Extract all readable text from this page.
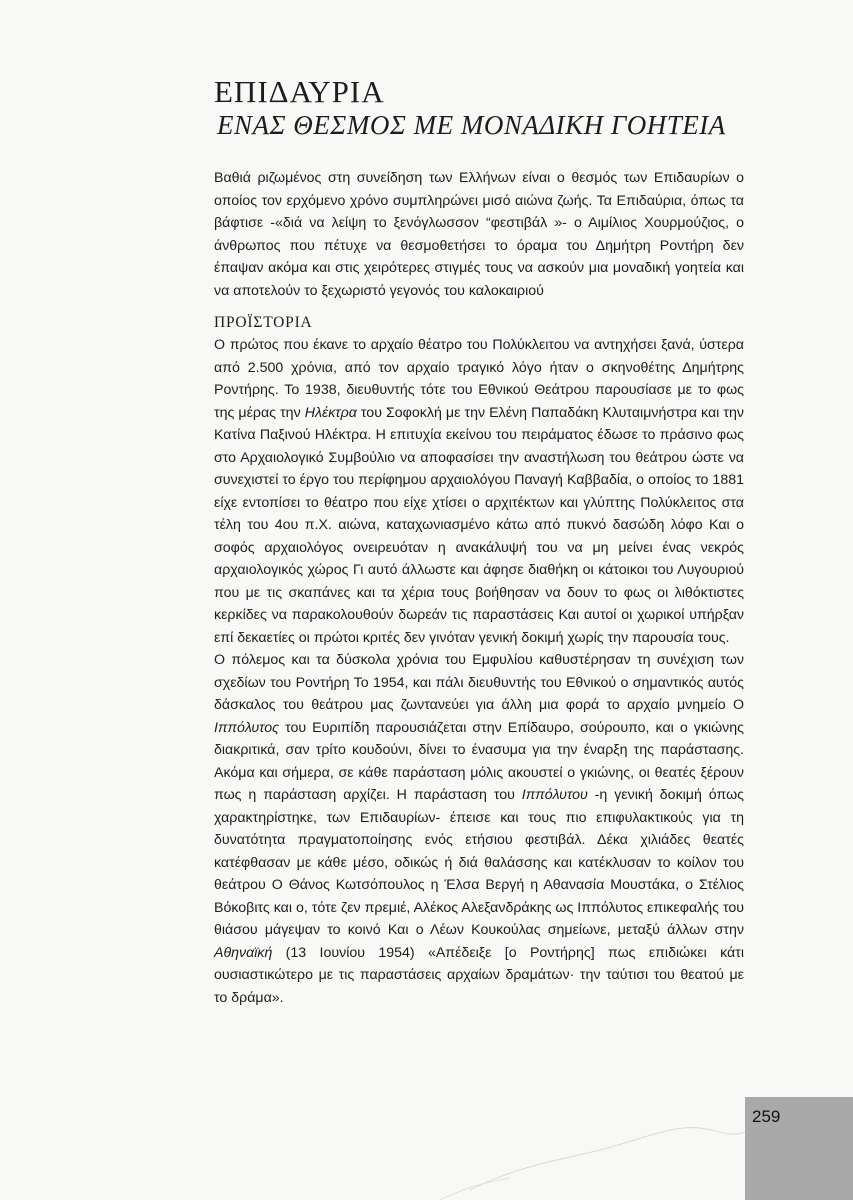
ΕΠΙΔΑΥΡΙΑ
ΕΝΑΣ ΘΕΣΜΟΣ ΜΕ ΜΟΝΑΔΙΚΗ ΓΟΗΤΕΙΑ

Βαθιά ριζωμένος στη συνείδηση των Ελλήνων είναι ο θεσμός των Επιδαυρίων ο οποίος τον ερχόμενο χρόνο συμπληρώνει μισό αιώνα ζωής. Τα Επιδαύρια, όπως τα βάφτισε -«διά να λείψη το ξενόγλωσσον “φεστιβάλ »- ο Αιμίλιος Χουρμούζιος, ο άνθρωπος που πέτυχε να θεσμοθετήσει το όραμα του Δημήτρη Ροντήρη δεν έπαψαν ακόμα και στις χειρότερες στιγμές τους να ασκούν μια μοναδική γοητεία και να αποτελούν το ξεχωριστό γεγονός του καλοκαιριού

ΠΡΟΪΣΤΟΡΙΑ

Ο πρώτος που έκανε το αρχαίο θέατρο του Πολύκλειτου να αντηχήσει ξανά, ύστερα από 2.500 χρόνια, από τον αρχαίο τραγικό λόγο ήταν ο σκηνοθέτης Δημήτρης Ροντήρης. Το 1938, διευθυντής τότε του Εθνικού Θεάτρου παρουσίασε με το φως της μέρας την Ηλέκτρα του Σοφοκλή με την Ελένη Παπαδάκη Κλυταιμνήστρα και την Κατίνα Παξινού Ηλέκτρα. Η επιτυχία εκείνου του πειράματος έδωσε το πράσινο φως στο Αρχαιολογικό Συμβούλιο να αποφασίσει την αναστήλωση του θεάτρου ώστε να συνεχιστεί το έργο του περίφημου αρχαιολόγου Παναγή Καββαδία, ο οποίος το 1881 είχε εντοπίσει το θέατρο που είχε χτίσει ο αρχιτέκτων και γλύπτης Πολύκλειτος στα τέλη του 4ου π.Χ. αιώνα, καταχωνιασμένο κάτω από πυκνό δασώδη λόφο Και ο σοφός αρχαιολόγος ονειρευόταν η ανακάλυψή του να μη μείνει ένας νεκρός αρχαιολογικός χώρος Γι αυτό άλλωστε και άφησε διαθήκη οι κάτοικοι του Λυγουριού που με τις σκαπάνες και τα χέρια τους βοήθησαν να δουν το φως οι λιθόκτιστες κερκίδες να παρακολουθούν δωρεάν τις παραστάσεις Και αυτοί οι χωρικοί υπήρξαν επί δεκαετίες οι πρώτοι κριτές δεν γινόταν γενική δοκιμή χωρίς την παρουσία τους.

Ο πόλεμος και τα δύσκολα χρόνια του Εμφυλίου καθυστέρησαν τη συνέχιση των σχεδίων του Ροντήρη Το 1954, και πάλι διευθυντής του Εθνικού ο σημαντικός αυτός δάσκαλος του θεάτρου μας ζωντανεύει για άλλη μια φορά το αρχαίο μνημείο Ο Ιππόλυτος του Ευριπίδη παρουσιάζεται στην Επίδαυρο, σούρουπο, και ο γκιώνης διακριτικά, σαν τρίτο κουδούνι, δίνει το ένασυμα για την έναρξη της παράστασης. Ακόμα και σήμερα, σε κάθε παράσταση μόλις ακουστεί ο γκιώνης, οι θεατές ξέρουν πως η παράσταση αρχίζει. Η παράσταση του Ιππόλυτου -η γενική δοκιμή όπως χαρακτηρίστηκε, των Επιδαυρίων- έπεισε και τους πιο επιφυλακτικούς για τη δυνατότητα πραγματοποίησης ενός ετήσιου φεστιβάλ. Δέκα χιλιάδες θεατές κατέφθασαν με κάθε μέσο, οδικώς ή διά θαλάσσης και κατέκλυσαν το κοίλον του θεάτρου Ο Θάνος Κωτσόπουλος η Έλσα Βεργή η Αθανασία Μουστάκα, ο Στέλιος Βόκοβιτς και ο, τότε ζεν πρεμιέ, Αλέκος Αλεξανδράκης ως Ιππόλυτος επικεφαλής του θιάσου μάγεψαν το κοινό Και ο Λέων Κουκούλας σημείωνε, μεταξύ άλλων στην Αθηναϊκή (13 Ιουνίου 1954) «Απέδειξε [ο Ροντήρης] πως επιδιώκει κάτι ουσιαστικώτερο με τις παραστάσεις αρχαίων δραμάτων· την ταύτισι του θεατού με το δράμα».

259
